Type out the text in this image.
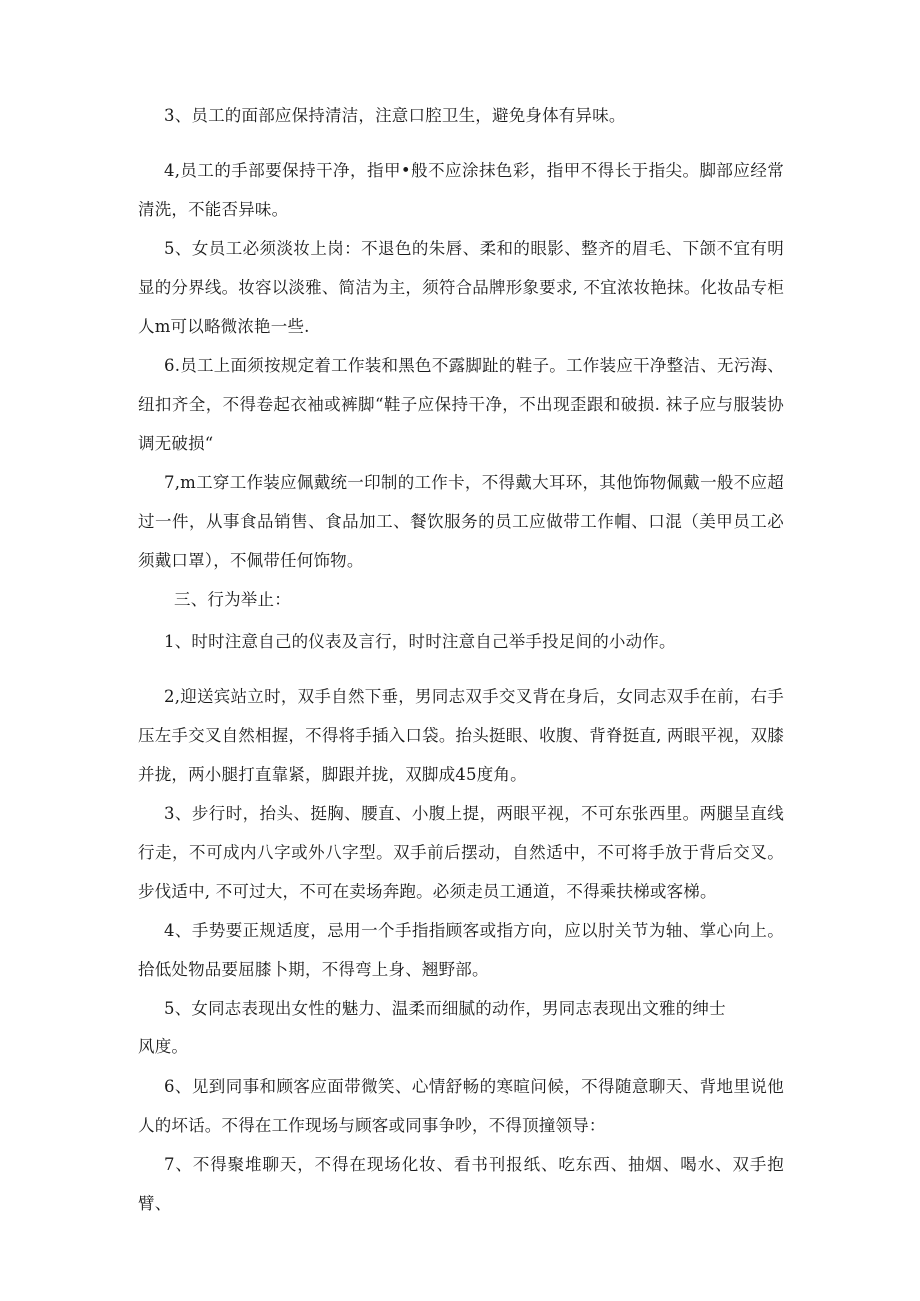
3、员工的面部应保持清洁，注意口腔卫生，避免身体有异味。

4,员工的手部要保持干净，指甲•般不应涂抹色彩，指甲不得长于指尖。脚部应经常清洗，不能否异味。

5、女员工必须淡妆上岗：不退色的朱唇、柔和的眼影、整齐的眉毛、下颌不宜有明显的分界线。妆容以淡雅、简洁为主，须符合品牌形象要求, 不宜浓妆艳抹。化妆品专柜人m可以略微浓艳一些.

6.员工上面须按规定着工作装和黑色不露脚趾的鞋子。工作装应干净整洁、无污海、纽扣齐全，不得卷起衣袖或裤脚“鞋子应保持干净，不出现歪跟和破损. 袜子应与服装协调无破损“

7,m工穿工作装应佩戴统一印制的工作卡，不得戴大耳环，其他饰物佩戴一般不应超过一件，从事食品销售、食品加工、餐饮服务的员工应做带工作帽、口混（美甲员工必须戴口罩），不佩带任何饰物。

三、行为举止：

1、时时注意自己的仪表及言行，时时注意自己举手投足间的小动作。

2,迎送宾站立时，双手自然下垂，男同志双手交叉背在身后，女同志双手在前，右手压左手交叉自然相握，不得将手插入口袋。抬头挺眼、收腹、背脊挺直, 两眼平视，双膝并拢，两小腿打直靠紧，脚跟并拢，双脚成45度角。

3、步行时，抬头、挺胸、腰直、小腹上提，两眼平视，不可东张西里。两腿呈直线行走，不可成内八字或外八字型。双手前后摆动，自然适中，不可将手放于背后交叉。步伐适中, 不可过大，不可在卖场奔跑。必须走员工通道，不得乘扶梯或客梯。

4、手势要正规适度，忌用一个手指指顾客或指方向，应以肘关节为轴、掌心向上。拾低处物品要屈膝卜期，不得弯上身、翘野部。

5、女同志表现出女性的魅力、温柔而细腻的动作，男同志表现出文雅的绅士

风度。

6、见到同事和顾客应面带微笑、心情舒畅的寒暄问候，不得随意聊天、背地里说他人的坏话。不得在工作现场与顾客或同事争吵，不得顶撞领导：

7、不得聚堆聊天，不得在现场化妆、看书刊报纸、吃东西、抽烟、喝水、双手抱臂、
